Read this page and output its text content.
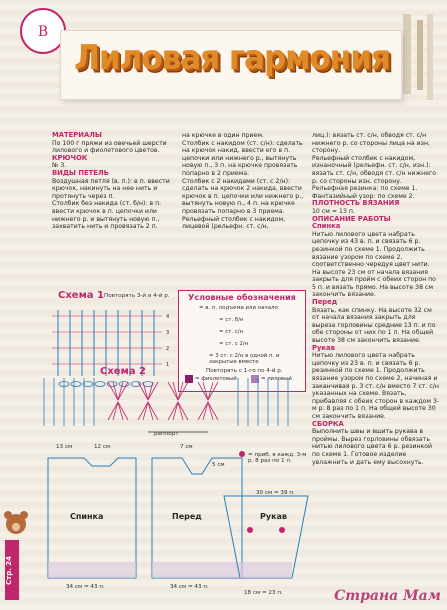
В
Лиловая гармония

МАТЕРИАЛЫ

По 100 г пряжи из овечьей шерсти лилового и фиолетового цветов.

КРЮЧОК

№ 3.

ВИДЫ ПЕТЕЛЬ

Воздушная петля (в. п.): в п. ввести крючок, накинуть на нее нить и протянуть через п.

Столбик без накида (ст. б/н): в п. ввести крючок в п. цепочки или нижнего р. и вытянуть новую п., захватить нить и провязать 2 п.

на крючке в один прием.

Столбик с накидом (ст. с/н): сделать на крючок накид, ввести его в п. цепочки или нижнего р., вытянуть новую п., 3 п. на крючке провязать попарно в 2 приема.

Столбик с 2 накидами (ст. с 2/н): сделать на крючок 2 накида, ввести крючок в п. цепочки или нижнего р., вытянуть новую п., 4 п. на крючке провязать попарно в 3 приема.

Рельефный столбик с накидом, лицевой (рельефн. ст. с/н,

лиц.): вязать ст. с/н, обводя ст. с/н нижнего р. со стороны лица на изн. сторону.

Рельефный столбик с накидом, изнаночный (рельефн. ст. с/н, изн.): вязать ст. с/н, обводя ст. с/н нижнего р. со стороны изн. сторону.

Рельефная резинка: по схеме 1.

Фантазийный узор: по схеме 2.

ПЛОТНОСТЬ ВЯЗАНИЯ

10 см = 13 п.

ОПИСАНИЕ РАБОТЫ

Спинка

Нитью лилового цвета набрать цепочку из 43 в. п. и связать 6 р. резинкой по схеме 1. Продолжить вязание узором по схеме 2, соответственно чередуя цвет нити. На высоте 23 см от начала вязания закрыть для пройм с обеих сторон по 5 п. и вязать прямо. На высоте 38 см закончить вязание.

Перед

Вязать, как спинку. На высоте 32 см от начала вязания закрыть для выреза горловины средние 13 п. и по обе стороны от них по 1 п. На общей высоте 38 см закончить вязание.

Рукав

Нитью лилового цвета набрать цепочку из 23 в. п. и связать 6 р. резинкой по схеме 1. Продолжить вязание узором по схеме 2, начиная и заканчивая р. 3 ст. с/н вместо 7 ст. с/н указанных на схеме. Вязать, прибавляя с обеих сторон в каждом 3-м р. 8 раз по 1 п. На общей высоте 30 см закончить вязание.

СБОРКА

Выполнить швы и вшить рукава в проймы. Вырез горловины обвязать нитью лилового цвета 6 р. резинкой по схеме 1. Готовое изделие увлажнить и дать ему высохнуть.

Схема 1 Повторять 3-й и 4-й р.
4
3
2
1
Условные обозначения
= в. п. подъема или начало
= ст. б/н
= ст. с/н
= ст. с 2/н
= 3 ст. с 2/н в одной п. и закрытые вместе
= фиолетовый	= лиловый
Схема 2	Повторять с 1-го по 4-й р.
раппорт
13 см	12 см	7 см
5 см
= приб. в кажд. 3-м р. 8 раз по 1 п.
Спинка	Перед	Рукав
34 см = 43 п.	34 см = 43 п.
18 см = 23 п.
30 см = 39 п.
Стр. 24
Страна Мам
